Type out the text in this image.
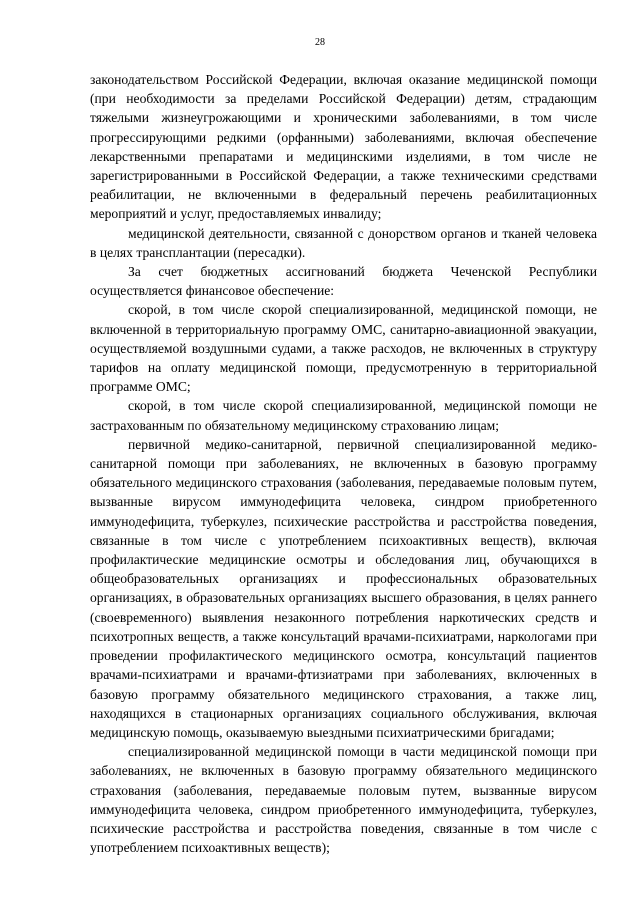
28

законодательством Российской Федерации, включая оказание медицинской помощи (при необходимости за пределами Российской Федерации) детям, страдающим тяжелыми жизнеугрожающими и хроническими заболеваниями, в том числе прогрессирующими редкими (орфанными) заболеваниями, включая обеспечение лекарственными препаратами и медицинскими изделиями, в том числе не зарегистрированными в Российской Федерации, а также техническими средствами реабилитации, не включенными в федеральный перечень реабилитационных мероприятий и услуг, предоставляемых инвалиду;

медицинской деятельности, связанной с донорством органов и тканей человека в целях трансплантации (пересадки).

За счет бюджетных ассигнований бюджета Чеченской Республики осуществляется финансовое обеспечение:

скорой, в том числе скорой специализированной, медицинской помощи, не включенной в территориальную программу ОМС, санитарно-авиационной эвакуации, осуществляемой воздушными судами, а также расходов, не включенных в структуру тарифов на оплату медицинской помощи, предусмотренную в территориальной программе ОМС;

скорой, в том числе скорой специализированной, медицинской помощи не застрахованным по обязательному медицинскому страхованию лицам;

первичной медико-санитарной, первичной специализированной медико-санитарной помощи при заболеваниях, не включенных в базовую программу обязательного медицинского страхования (заболевания, передаваемые половым путем, вызванные вирусом иммунодефицита человека, синдром приобретенного иммунодефицита, туберкулез, психические расстройства и расстройства поведения, связанные в том числе с употреблением психоактивных веществ), включая профилактические медицинские осмотры и обследования лиц, обучающихся в общеобразовательных организациях и профессиональных образовательных организациях, в образовательных организациях высшего образования, в целях раннего (своевременного) выявления незаконного потребления наркотических средств и психотропных веществ, а также консультаций врачами-психиатрами, наркологами при проведении профилактического медицинского осмотра, консультаций пациентов врачами-психиатрами и врачами-фтизиатрами при заболеваниях, включенных в базовую программу обязательного медицинского страхования, а также лиц, находящихся в стационарных организациях социального обслуживания, включая медицинскую помощь, оказываемую выездными психиатрическими бригадами;

специализированной медицинской помощи в части медицинской помощи при заболеваниях, не включенных в базовую программу обязательного медицинского страхования (заболевания, передаваемые половым путем, вызванные вирусом иммунодефицита человека, синдром приобретенного иммунодефицита, туберкулез, психические расстройства и расстройства поведения, связанные в том числе с употреблением психоактивных веществ);
